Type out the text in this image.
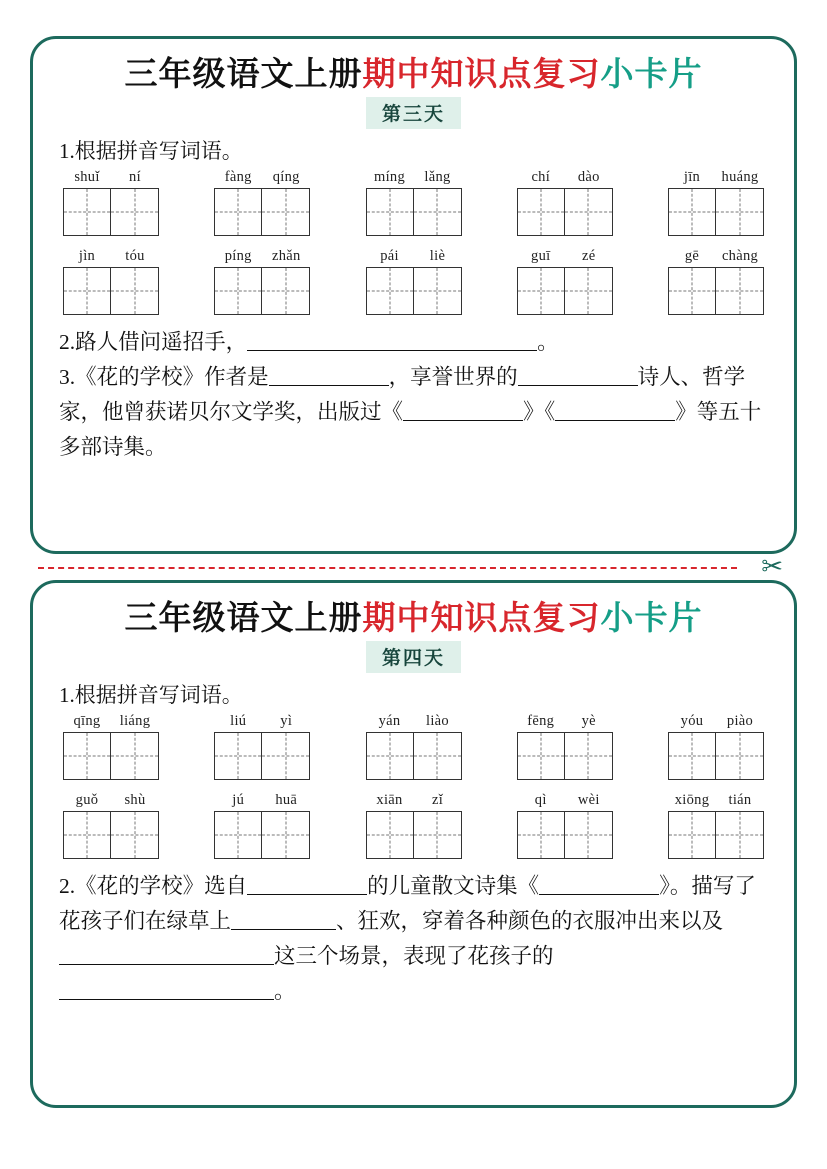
三年级语文上册期中知识点复习小卡片
第三天
1.根据拼音写词语。
shuǐ	ní	fàng	qíng	míng	lǎng	chí	dào	jīn	huáng
jìn	tóu	píng	zhǎn	pái	liè	guī	zé	gē	chàng
2.路人借问遥招手，	。
3.《花的学校》作者是	，享誉世界的	诗人、哲学家，他曾获诺贝尔文学奖，出版过《	》《	》等五十多部诗集。
✂
三年级语文上册期中知识点复习小卡片
第四天
1.根据拼音写词语。
qīng	liáng	liú	yì	yán	liào	fēng	yè	yóu	piào
guǒ	shù	jú	huā	xiān	zǐ	qì	wèi	xiōng	tián
2.《花的学校》选自	的儿童散文诗集《	》。描写了花孩子们在绿草上	、狂欢，穿着各种颜色的衣服冲出来以及这三个场景，表现了花孩子的。
